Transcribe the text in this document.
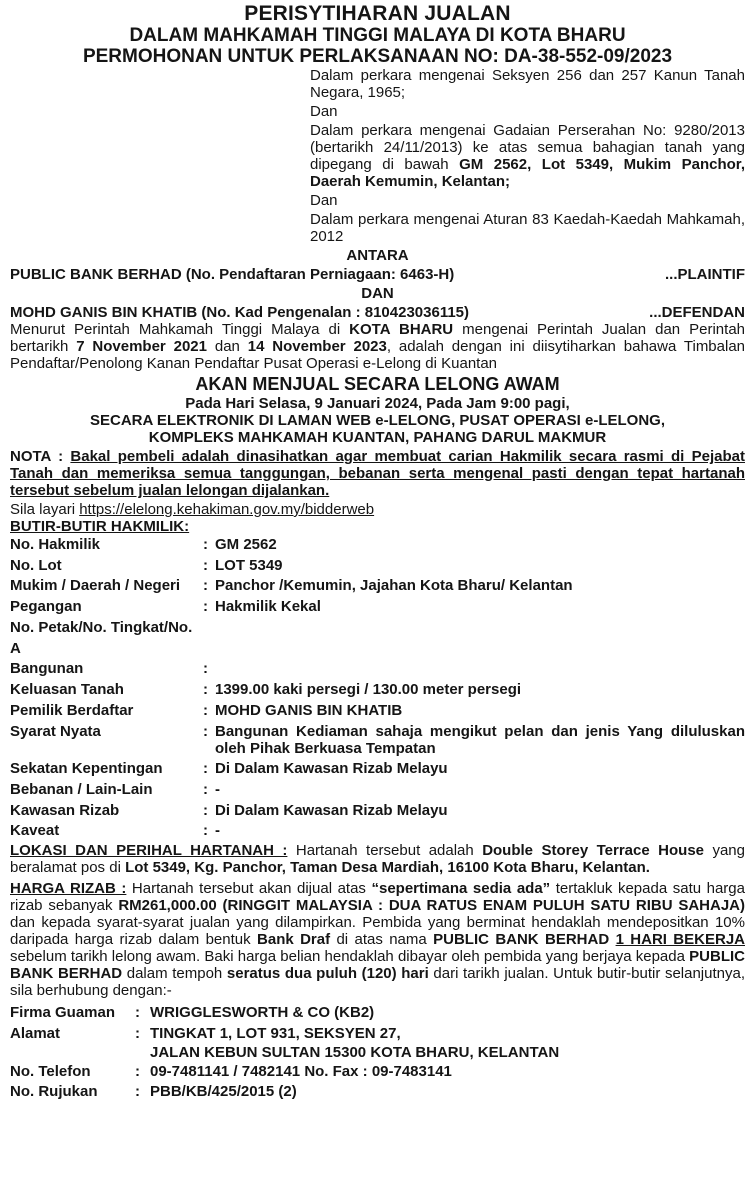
PERISYTIHARAN JUALAN
DALAM MAHKAMAH TINGGI MALAYA DI KOTA BHARU
PERMOHONAN UNTUK PERLAKSANAAN NO: DA-38-552-09/2023

Dalam perkara mengenai Seksyen 256 dan 257 Kanun Tanah Negara, 1965;

Dan

Dalam perkara mengenai Gadaian Perserahan No: 9280/2013 (bertarikh 24/11/2013) ke atas semua bahagian tanah yang dipegang di bawah GM 2562, Lot 5349, Mukim Panchor, Daerah Kemumin, Kelantan;

Dan

Dalam perkara mengenai Aturan 83 Kaedah-Kaedah Mahkamah, 2012

ANTARA
PUBLIC BANK BERHAD (No. Pendaftaran Perniagaan: 6463-H)	...PLAINTIF
DAN
MOHD GANIS BIN KHATIB (No. Kad Pengenalan : 810423036115)	...DEFENDAN
Menurut Perintah Mahkamah Tinggi Malaya di KOTA BHARU mengenai Perintah Jualan dan Perintah bertarikh 7 November 2021 dan 14 November 2023, adalah dengan ini diisytiharkan bahawa Timbalan Pendaftar/Penolong Kanan Pendaftar Pusat Operasi e-Lelong di Kuantan
AKAN MENJUAL SECARA LELONG AWAM
Pada Hari Selasa, 9 Januari 2024, Pada Jam 9:00 pagi,
SECARA ELEKTRONIK DI LAMAN WEB e-LELONG, PUSAT OPERASI e-LELONG,
KOMPLEKS MAHKAMAH KUANTAN, PAHANG DARUL MAKMUR
NOTA : Bakal pembeli adalah dinasihatkan agar membuat carian Hakmilik secara rasmi di Pejabat Tanah dan memeriksa semua tanggungan, bebanan serta mengenal pasti dengan tepat hartanah tersebut sebelum jualan lelongan dijalankan.
Sila layari https://elelong.kehakiman.gov.my/bidderweb
BUTIR-BUTIR HAKMILIK:
No. Hakmilik	: GM 2562
No. Lot	: LOT 5349
Mukim / Daerah / Negeri	: Panchor /Kemumin, Jajahan Kota Bharu/ Kelantan
Pegangan	: Hakmilik Kekal
No. Petak/No. Tingkat/No. A
Bangunan	:
Keluasan Tanah	: 1399.00 kaki persegi / 130.00 meter persegi
Pemilik Berdaftar	: MOHD GANIS BIN KHATIB
Syarat Nyata	: Bangunan Kediaman sahaja mengikut pelan dan jenis Yang diluluskan oleh Pihak Berkuasa Tempatan
Sekatan Kepentingan	: Di Dalam Kawasan Rizab Melayu
Bebanan / Lain-Lain	: -
Kawasan Rizab	: Di Dalam Kawasan Rizab Melayu
Kaveat	: -
LOKASI DAN PERIHAL HARTANAH : Hartanah tersebut adalah Double Storey Terrace House yang beralamat pos di Lot 5349, Kg. Panchor, Taman Desa Mardiah, 16100 Kota Bharu, Kelantan.
HARGA RIZAB : Hartanah tersebut akan dijual atas “sepertimana sedia ada” tertakluk kepada satu harga rizab sebanyak RM261,000.00 (RINGGIT MALAYSIA : DUA RATUS ENAM PULUH SATU RIBU SAHAJA) dan kepada syarat-syarat jualan yang dilampirkan. Pembida yang berminat hendaklah mendepositkan 10% daripada harga rizab dalam bentuk Bank Draf di atas nama PUBLIC BANK BERHAD 1 HARI BEKERJA sebelum tarikh lelong awam. Baki harga belian hendaklah dibayar oleh pembida yang berjaya kepada PUBLIC BANK BERHAD dalam tempoh seratus dua puluh (120) hari dari tarikh jualan. Untuk butir-butir selanjutnya, sila berhubung dengan:-
Firma Guaman	: WRIGGLESWORTH & CO (KB2)
Alamat	: TINGKAT 1, LOT 931, SEKSYEN 27,
JALAN KEBUN SULTAN 15300 KOTA BHARU, KELANTAN
No. Telefon	: 09-7481141 / 7482141 No. Fax : 09-7483141
No. Rujukan	: PBB/KB/425/2015 (2)
